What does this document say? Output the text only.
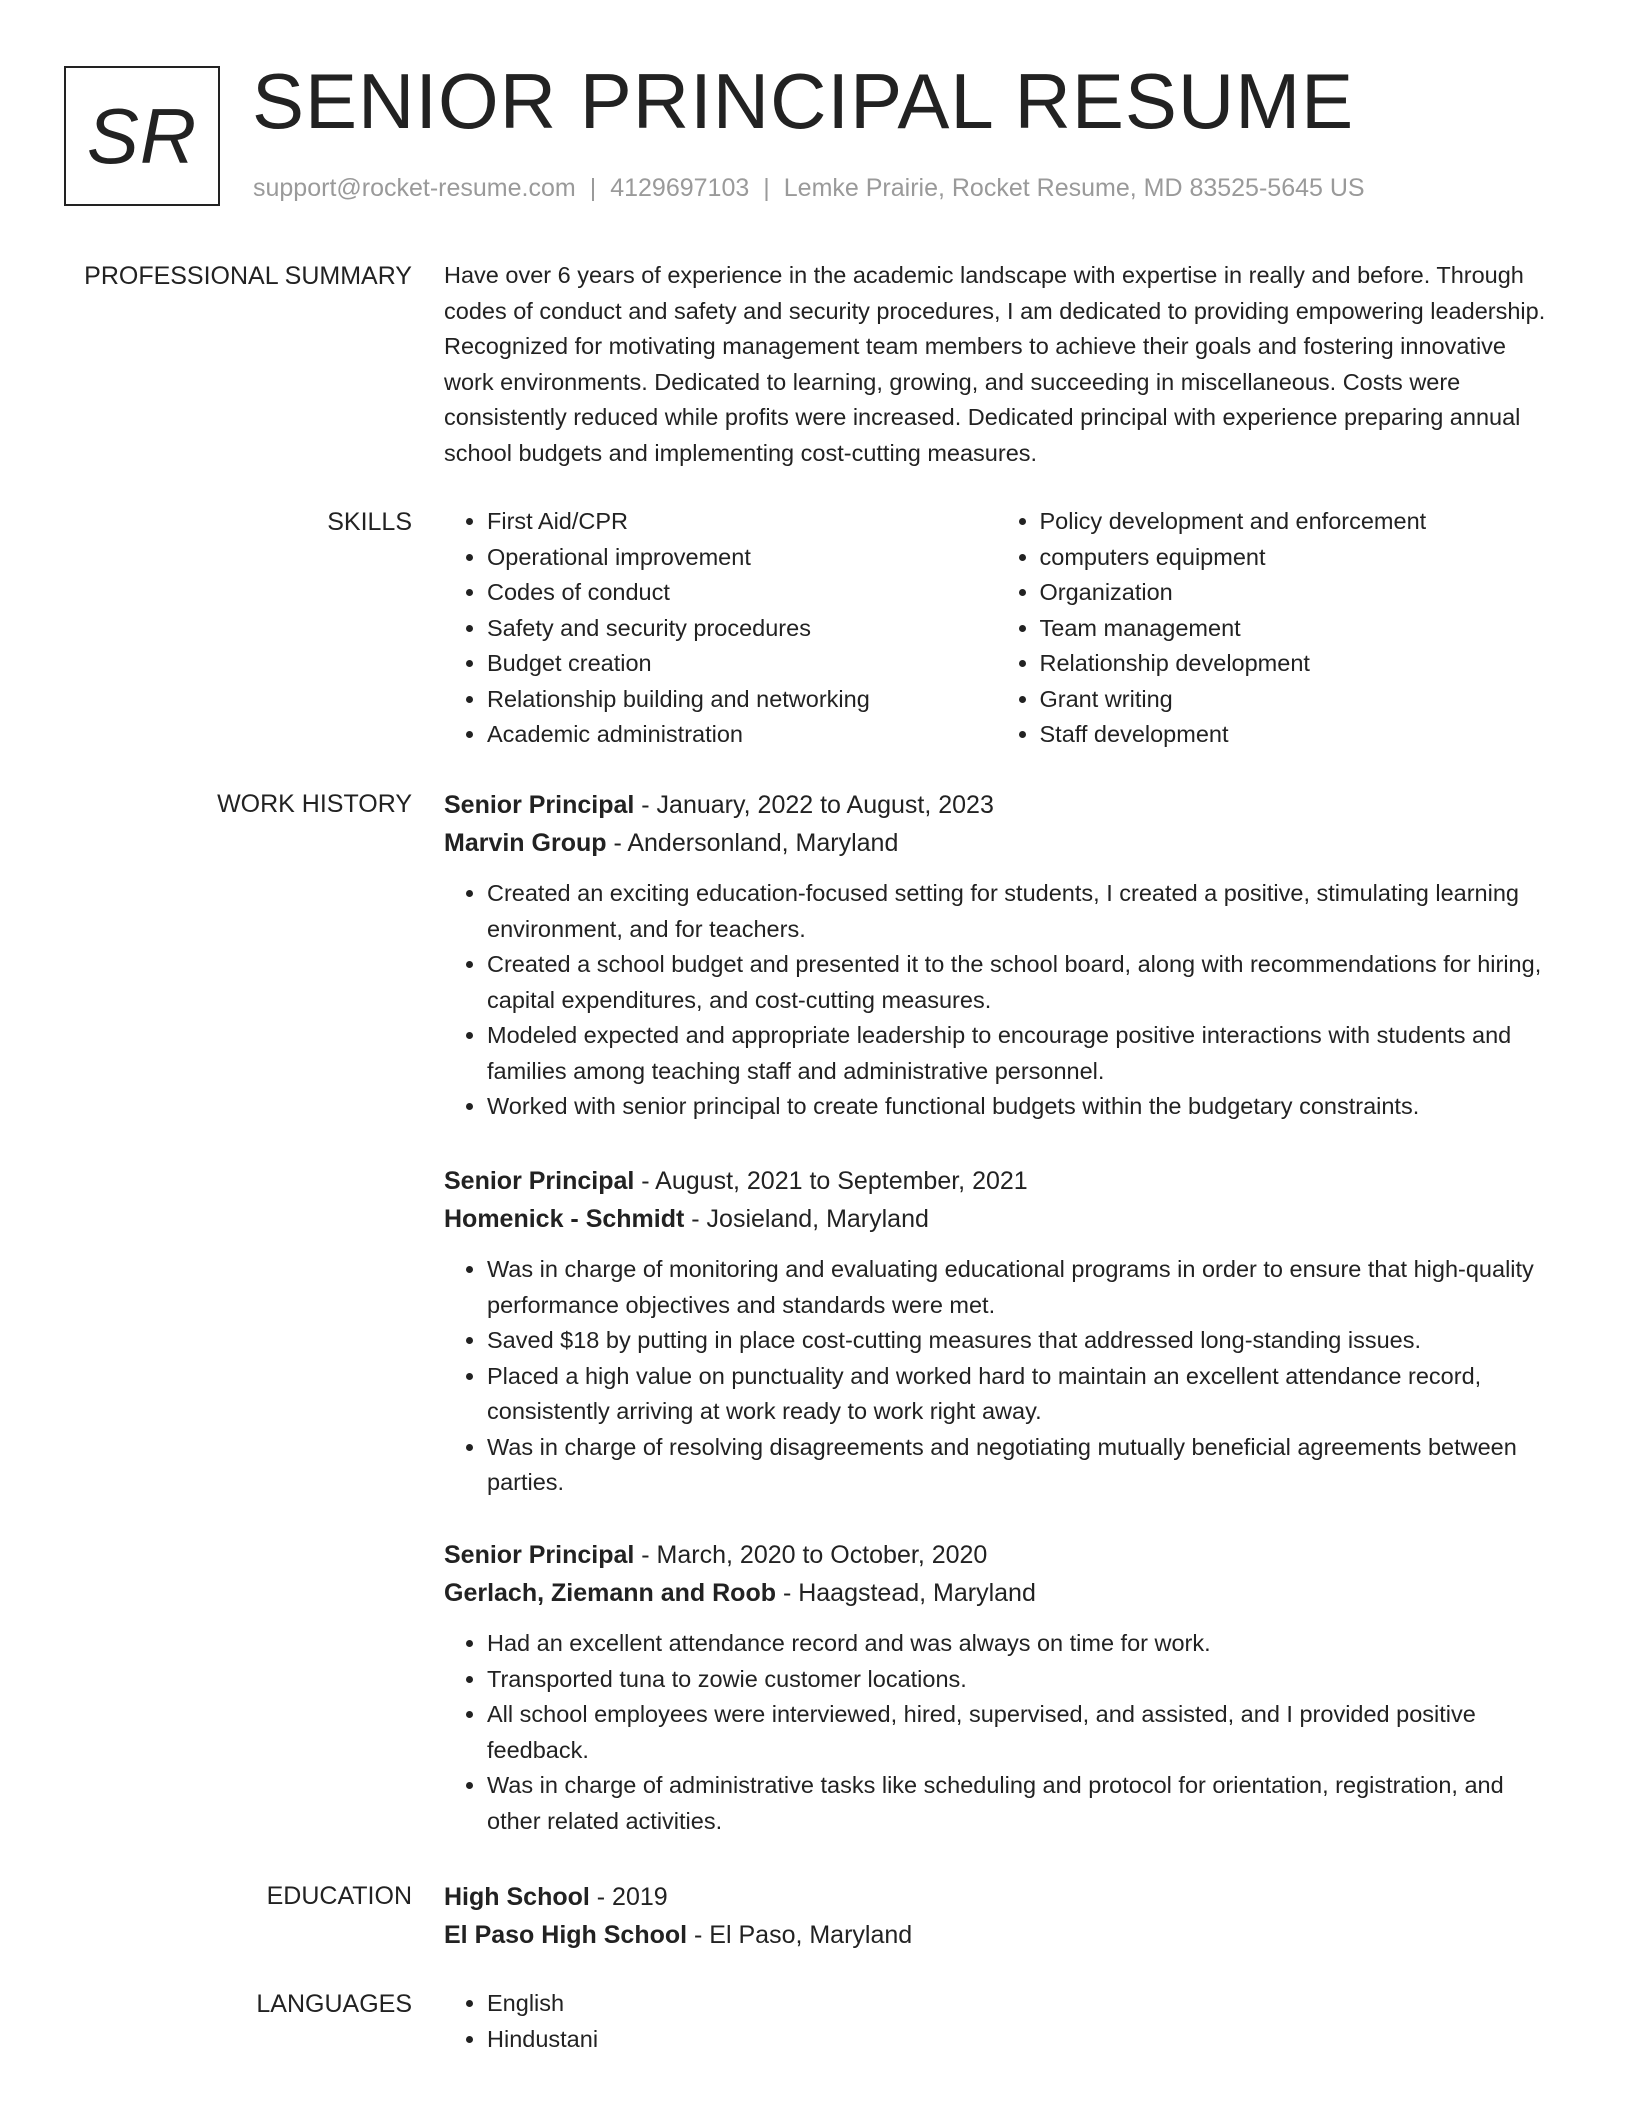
SR SENIOR PRINCIPAL RESUME
support@rocket-resume.com | 4129697103 | Lemke Prairie, Rocket Resume, MD 83525-5645 US
PROFESSIONAL SUMMARY Have over 6 years of experience in the academic landscape with expertise in really and before. Through codes of conduct and safety and security procedures, I am dedicated to providing empowering leadership. Recognized for motivating management team members to achieve their goals and fostering innovative work environments. Dedicated to learning, growing, and succeeding in miscellaneous. Costs were consistently reduced while profits were increased. Dedicated principal with experience preparing annual school budgets and implementing cost-cutting measures.

SKILLS	• First Aid/CPR
• Operational improvement
• Codes of conduct
• Safety and security procedures
• Budget creation
• Relationship building and networking
• Academic administration
• Policy development and enforcement
• computers equipment
• Organization
• Team management
• Relationship development
• Grant writing
• Staff development
WORK HISTORY Senior Principal - January, 2022 to August, 2023
Marvin Group - Andersonland, Maryland
• Created an exciting education-focused setting for students, I created a positive, stimulating learning environment, and for teachers.
• Created a school budget and presented it to the school board, along with recommendations for hiring, capital expenditures, and cost-cutting measures.
• Modeled expected and appropriate leadership to encourage positive interactions with students and families among teaching staff and administrative personnel.
• Worked with senior principal to create functional budgets within the budgetary constraints.
Senior Principal - August, 2021 to September, 2021
Homenick - Schmidt - Josieland, Maryland
• Was in charge of monitoring and evaluating educational programs in order to ensure that high-quality performance objectives and standards were met.
• Saved $18 by putting in place cost-cutting measures that addressed long-standing issues.
• Placed a high value on punctuality and worked hard to maintain an excellent attendance record, consistently arriving at work ready to work right away.
• Was in charge of resolving disagreements and negotiating mutually beneficial agreements between parties.
Senior Principal - March, 2020 to October, 2020
Gerlach, Ziemann and Roob - Haagstead, Maryland
• Had an excellent attendance record and was always on time for work.
• Transported tuna to zowie customer locations.
• All school employees were interviewed, hired, supervised, and assisted, and I provided positive feedback.
• Was in charge of administrative tasks like scheduling and protocol for orientation, registration, and other related activities.
EDUCATION High School - 2019
El Paso High School - El Paso, Maryland
LANGUAGES	• English
• Hindustani
